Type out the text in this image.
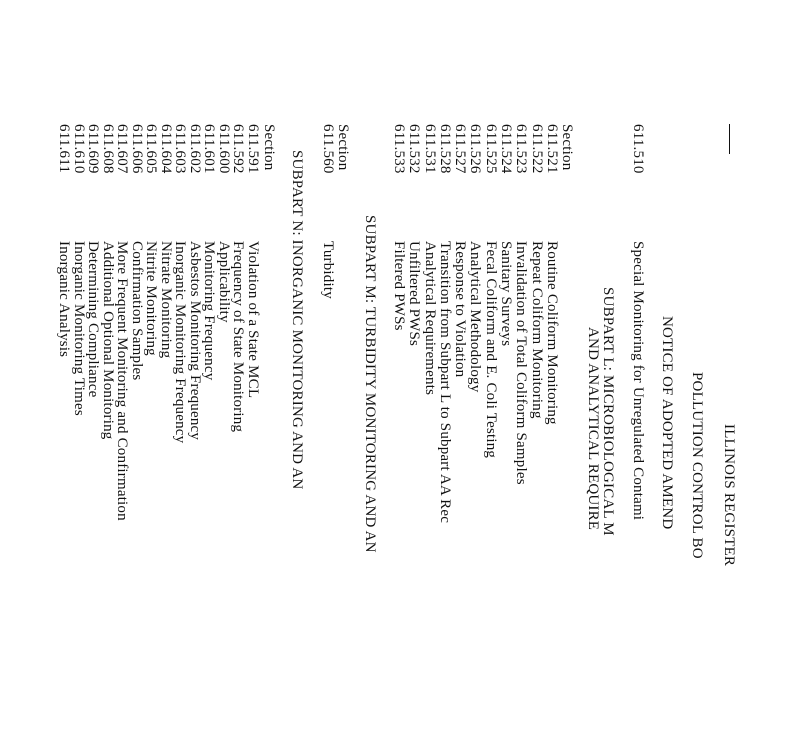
ILLINOIS REGISTER
POLLUTION CONTROL BO
NOTICE OF ADOPTED AMEND
611.510
Special Monitoring for Unregulated Contami
SUBPART L: MICROBIOLOGICAL M
AND ANALYTICAL REQUIRE
Section
611.521
Routine Coliform Monitoring
611.522
Repeat Coliform Monitoring
611.523
Invalidation of Total Coliform Samples
611.524
Sanitary Surveys
611.525
Fecal Coliform and E. Coli Testing
611.526
Analytical Methodology
611.527
Response to Violation
611.528
Transition from Subpart L to Subpart AA Rec
611.531
Analytical Requirements
611.532
Unfiltered PWSs
611.533
Filtered PWSs
SUBPART M: TURBIDITY MONITORING AND AN
Section
611.560
Turbidity
SUBPART N: INORGANIC MONITORING AND AN
Section
611.591
Violation of a State MCL
611.592
Frequency of State Monitoring
611.600
Applicability
611.601
Monitoring Frequency
611.602
Asbestos Monitoring Frequency
611.603
Inorganic Monitoring Frequency
611.604
Nitrate Monitoring
611.605
Nitrite Monitoring
611.606
Confirmation Samples
611.607
More Frequent Monitoring and Confirmation
611.608
Additional Optional Monitoring
611.609
Determining Compliance
611.610
Inorganic Monitoring Times
611.611
Inorganic Analysis
